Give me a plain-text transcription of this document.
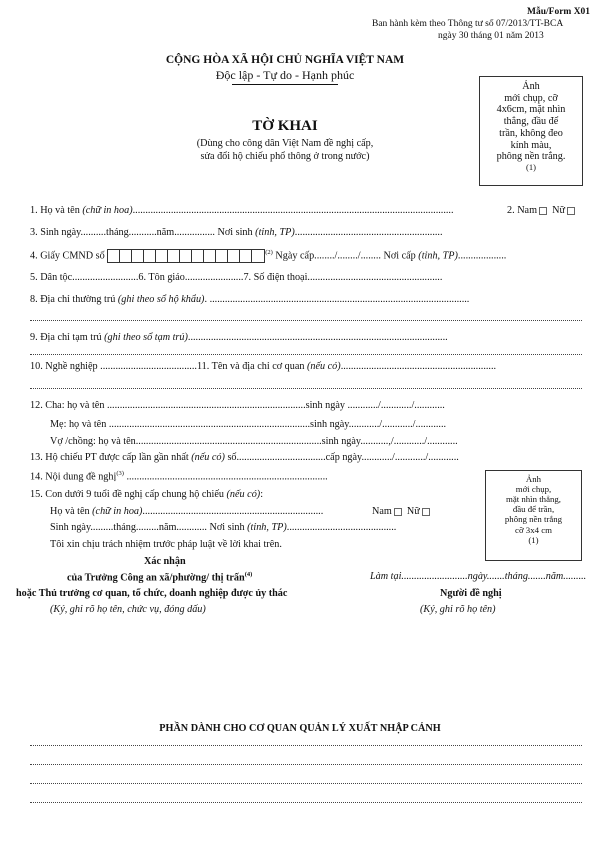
Mẫu/Form X01
Ban hành kèm theo Thông tư số 07/2013/TT-BCA
ngày 30 tháng 01 năm 2013
CỘNG HÒA XÃ HỘI CHỦ NGHĨA VIỆT NAM
Độc lập - Tự do - Hạnh phúc
TỜ KHAI
(Dùng cho công dân Việt Nam đề nghị cấp,
sửa đổi hộ chiếu phổ thông ở trong nước)
Ảnh
mới chụp, cỡ
4x6cm, mặt nhìn
thẳng, đầu để
trần, không đeo
kính màu,
phông nền trắng.
(1)
1. Họ và tên (chữ in hoa)..............................................................................................................................	2. Nam Nữ
3. Sinh ngày..........tháng...........năm................ Nơi sinh (tỉnh, TP)..........................................................
4. Giấy CMND số	$^{(2)}$ Ngày cấp......../......../........ Nơi cấp (tỉnh, TP)...................
5. Dân tộc..........................6. Tôn giáo.......................7. Số điện thoại.....................................................
8. Địa chỉ thường trú (ghi theo sổ hộ khẩu). ......................................................................................................
9. Địa chỉ tạm trú (ghi theo sổ tạm trú)......................................................................................................
10. Nghề nghiệp ......................................11. Tên và địa chỉ cơ quan (nếu có).............................................................
12. Cha: họ và tên ..............................................................................sinh ngày ............/............/............
Mẹ: họ và tên ...............................................................................sinh ngày............/............/............
Vợ /chồng: họ và tên.........................................................................sinh ngày...........,/............/............
13. Hộ chiếu PT được cấp lần gần nhất (nếu có) số...................................cấp ngày............/............/............
14. Nội dung đề nghị$^{(3)}$ ...............................................................................	Ảnh
mới chụp,
mặt nhìn thẳng,
đầu để trần,
phông nền trắng
cỡ 3x4 cm
(1)
15. Con dưới 9 tuổi đề nghị cấp chung hộ chiếu (nếu có):
Họ và tên (chữ in hoa).......................................................................	Nam Nữ
Sinh ngày.........tháng.........năm............ Nơi sinh (tỉnh, TP)...........................................
Tôi xin chịu trách nhiệm trước pháp luật về lời khai trên.
Xác nhận
của Trưởng Công an xã/phường/ thị trấn$^{(4)}$	Làm tại..........................ngày.......tháng.......năm.........
hoặc Thủ trưởng cơ quan, tổ chức, doanh nghiệp được ủy thác	Người đề nghị
(Ký, ghi rõ họ tên, chức vụ, đóng dấu)	(Ký, ghi rõ họ tên)
PHẦN DÀNH CHO CƠ QUAN QUẢN LÝ XUẤT NHẬP CẢNH
